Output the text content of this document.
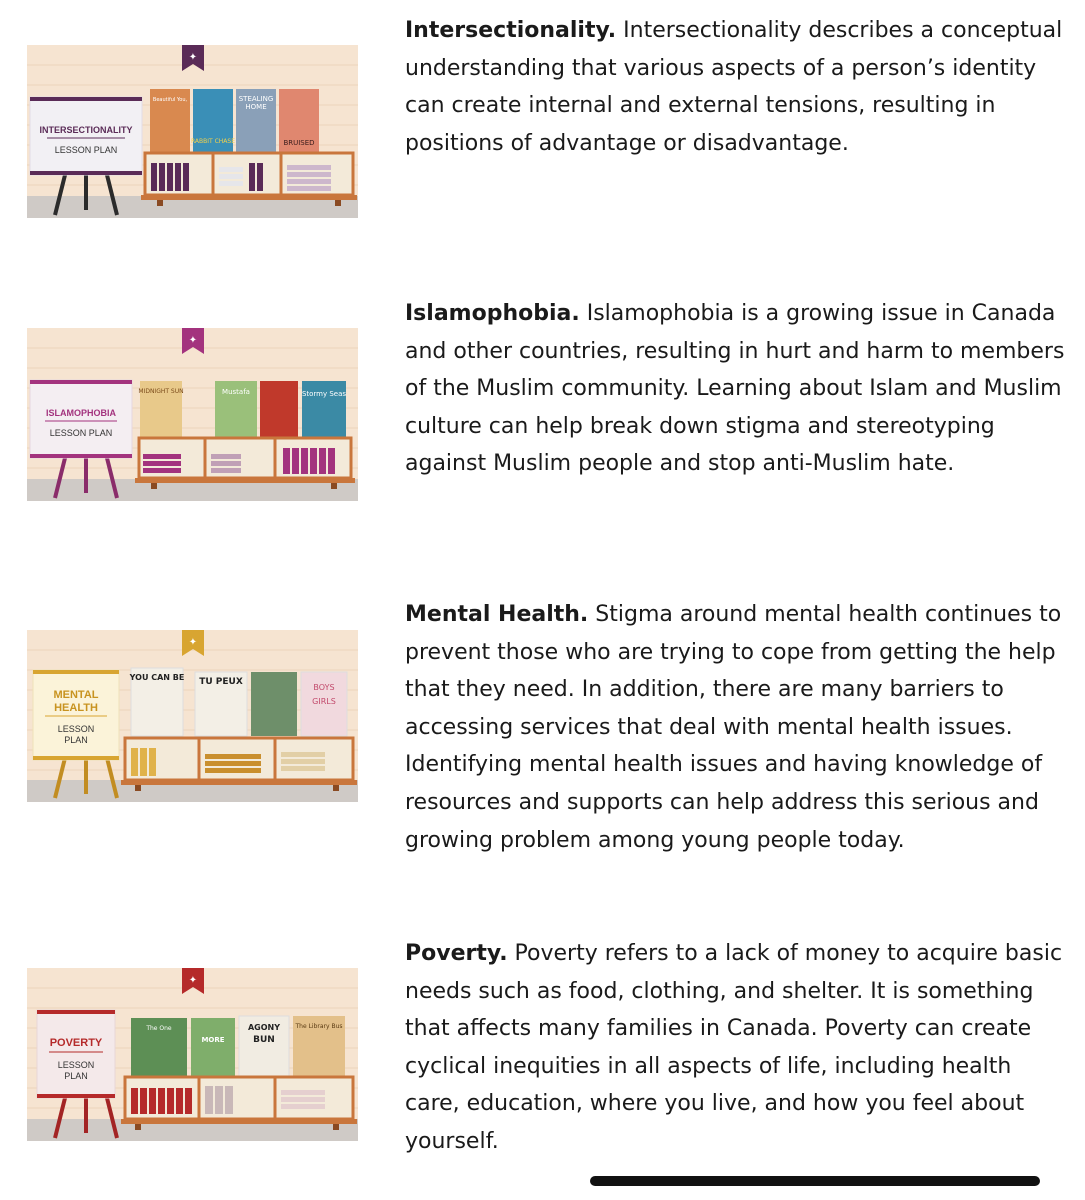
✦
INTERSECTIONALITY
LESSON PLAN
Beautiful You,
RABBIT CHASE
STEALING
HOME
BRUISED

Intersectionality. Intersectionality describes a conceptual understanding that various aspects of a person’s identity can create internal and external tensions, resulting in positions of advantage or disadvantage.

✦
ISLAMOPHOBIA
LESSON PLAN
MIDNIGHT SUN	Mustafa	Stormy Seas

Islamophobia. Islamophobia is a growing issue in Canada and other countries, resulting in hurt and harm to members of the Muslim community. Learning about Islam and Muslim culture can help break down stigma and stereotyping against Muslim people and stop anti-Muslim hate.

✦
MENTAL
HEALTH
LESSON
PLAN
YOU CAN BE TU PEUX
BOYS
GIRLS

Mental Health. Stigma around mental health continues to prevent those who are trying to cope from getting the help that they need. In addition, there are many barriers to accessing services that deal with mental health issues. Identifying mental health issues and having knowledge of resources and supports can help address this serious and growing problem among young people today.

✦
POVERTY
LESSON
PLAN
The One
MORE
AGONY
BUN
The Library Bus

Poverty. Poverty refers to a lack of money to acquire basic needs such as food, clothing, and shelter. It is something that affects many families in Canada. Poverty can create cyclical inequities in all aspects of life, including health care, education, where you live, and how you feel about yourself.
